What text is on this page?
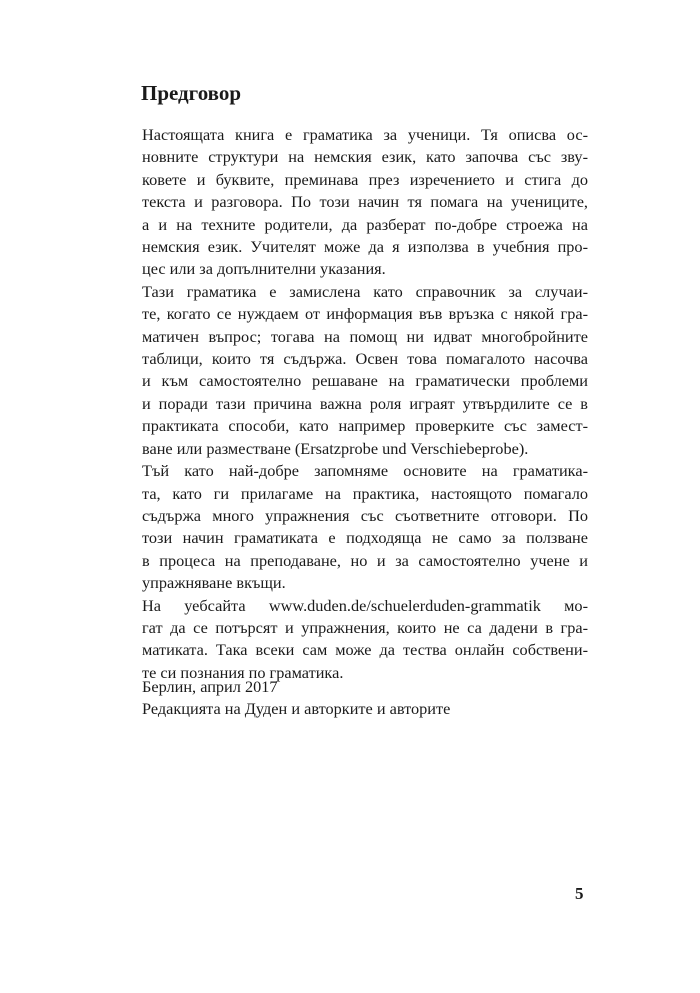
Предговор

Настоящата книга е граматика за ученици. Тя описва ос-
новните структури на немския език, като започва със зву-
ковете и буквите, преминава през изречението и стига до
текста и разговора. По този начин тя помага на учениците,
а и на техните родители, да разберат по-добре строежа на
немския език. Учителят може да я използва в учебния про-
цес или за допълнителни указания.

Тази граматика е замислена като справочник за случаи-
те, когато се нуждаем от информация във връзка с някой гра-
матичен въпрос; тогава на помощ ни идват многобройните
таблици, които тя съдържа. Освен това помагалото насочва
и към самостоятелно решаване на граматически проблеми
и поради тази причина важна роля играят утвърдилите се в
практиката способи, като например проверките със замест-
ване или разместване (Ersatzprobe und Verschiebeprobe).

Тъй като най-добре запомняме основите на граматика-
та, като ги прилагаме на практика, настоящото помагало
съдържа много упражнения със съответните отговори. По
този начин граматиката е подходяща не само за ползване
в процеса на преподаване, но и за самостоятелно учене и
упражняване вкъщи.

На уебсайта www.duden.de/schuelerduden-grammatik мо-
гат да се потърсят и упражнения, които не са дадени в гра-
матиката. Така всеки сам може да тества онлайн собствени-
те си познания по граматика.

Берлин, април 2017
Редакцията на Дуден и авторките и авторите
5
